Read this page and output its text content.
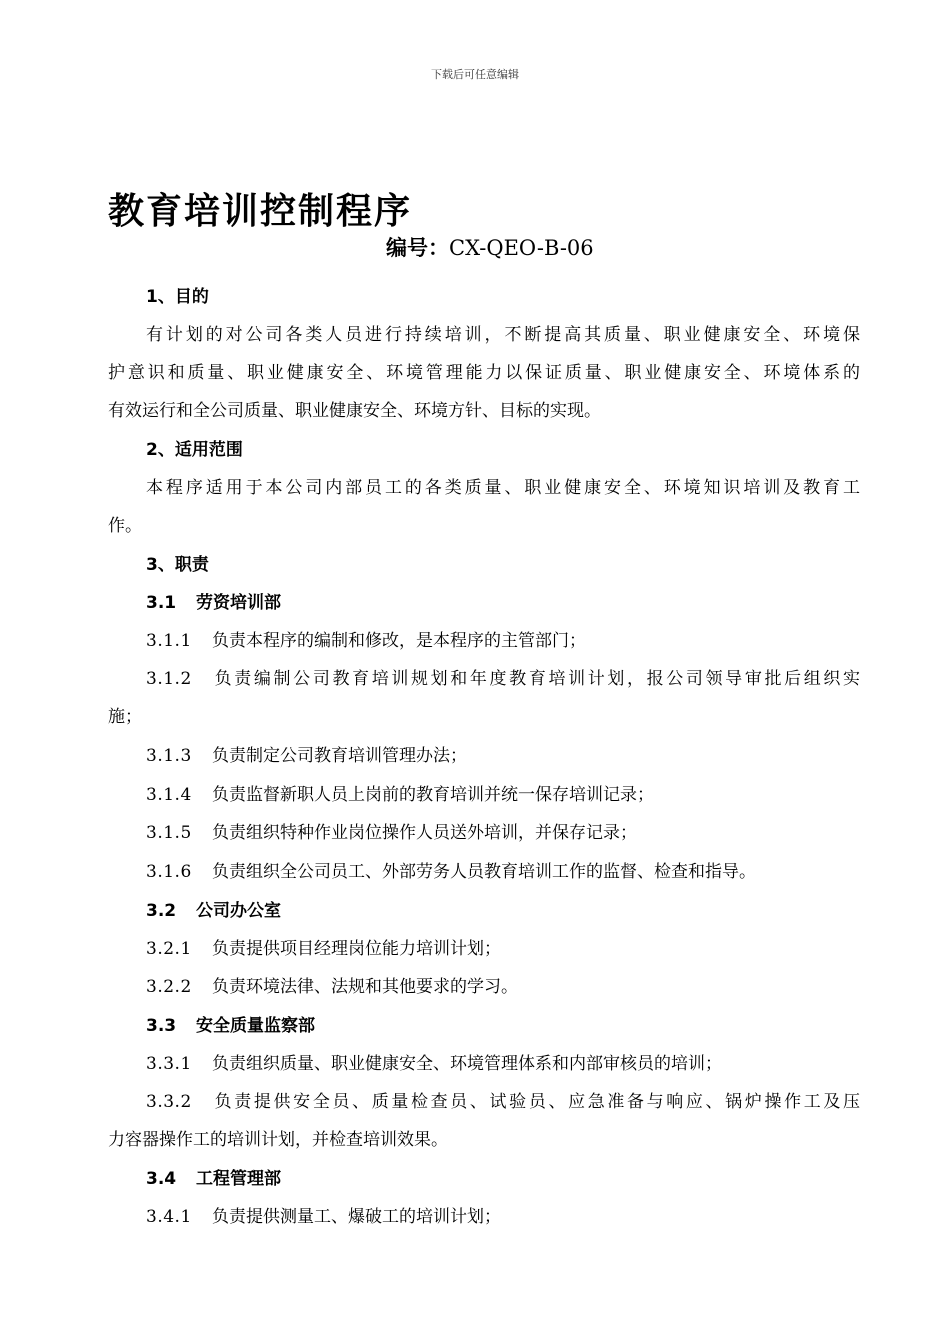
下载后可任意编辑
教育培训控制程序
编号：CX-QEO-B-06

1、目的

有计划的对公司各类人员进行持续培训，不断提高其质量、职业健康安全、环境保

护意识和质量、职业健康安全、环境管理能力以保证质量、职业健康安全、环境体系的

有效运行和全公司质量、职业健康安全、环境方针、目标的实现。

2、适用范围

本程序适用于本公司内部员工的各类质量、职业健康安全、环境知识培训及教育工

作。

3、职责

3.1 劳资培训部

3.1.1 负责本程序的编制和修改，是本程序的主管部门；

3.1.2 负责编制公司教育培训规划和年度教育培训计划，报公司领导审批后组织实

施；

3.1.3 负责制定公司教育培训管理办法；

3.1.4 负责监督新职人员上岗前的教育培训并统一保存培训记录；

3.1.5 负责组织特种作业岗位操作人员送外培训，并保存记录；

3.1.6 负责组织全公司员工、外部劳务人员教育培训工作的监督、检查和指导。

3.2 公司办公室

3.2.1 负责提供项目经理岗位能力培训计划；

3.2.2 负责环境法律、法规和其他要求的学习。

3.3 安全质量监察部

3.3.1 负责组织质量、职业健康安全、环境管理体系和内部审核员的培训；

3.3.2 负责提供安全员、质量检查员、试验员、应急准备与响应、锅炉操作工及压

力容器操作工的培训计划，并检查培训效果。

3.4 工程管理部

3.4.1 负责提供测量工、爆破工的培训计划；
